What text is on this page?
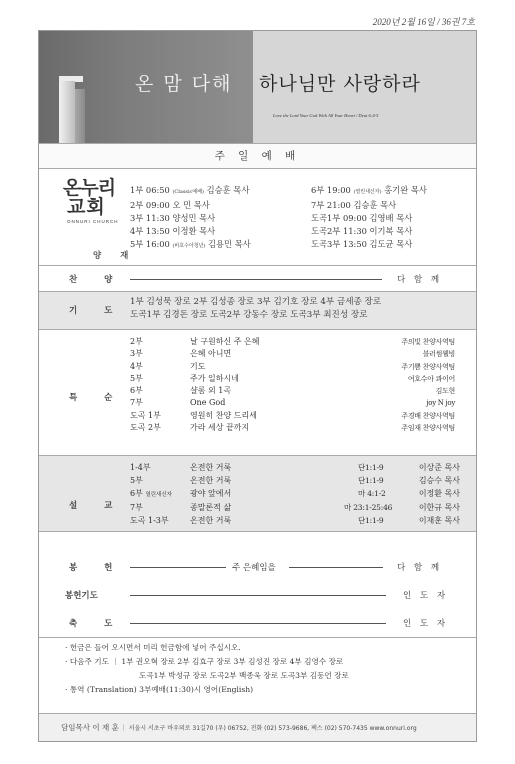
2020년 2월 16일 / 36권 7호
온 맘 다해 하나님만 사랑하라
Love the Lord Your God With All Your Heart / Deut 6:4-5
주 일 예 배
온누리
교회
ONNURI CHURCH
양 재
1부 06:50 (Classic예배) 김승훈 목사
2부 09:00 오 민 목사
3부 11:30 양성민 목사
4부 13:50 이정환 목사
5부 16:00 (비호수아청년) 김용민 목사
6부 19:00 (열린새신자) 홍기완 목사
7부 21:00 김승훈 목사
도곡1부 09:00 김영배 목사
도곡2부 11:30 이기복 목사
도곡3부 13:50 김도균 목사
찬 양	다 함 께
기 도
1부 김성묵 장로 2부 김성종 장로 3부 김기호 장로 4부 금세종 장로
도곡1부 김경돈 장로 도곡2부 강동수 장로 도곡3부 최진성 장로
특 순
2부	날 구원하신 주 은혜	주의빛 찬양사역팀
3부	은혜 아니면	블러썸웰빙
4부	기도	주기쁨 찬양사역팀
5부	주가 일하시네	여호수아 콰이어
6부	샬롬 외 1곡	김도현
7부	One God	joy N joy
도곡 1부	영원히 찬양 드리세	주경배 찬양사역팀
도곡 2부	가라 세상 끝까지	주임재 찬양사역팀
설 교
1-4부	온전한 거룩	단1:1-9	이상준 목사
5부	온전한 거룩	단1:1-9	김승수 목사
6부 열린새신자 광야 앞에서	마 4:1-2	이정환 목사
7부	종말론적 삶	마 23:1-25:46	이한규 목사
도곡 1-3부	온전한 거룩	단1:1-9	이재훈 목사
봉 헌	주 은혜임을	다 함 께
봉헌기도	인 도 자
축 도	인 도 자
· 헌금은 들어 오시면서 미리 헌금함에 넣어 주십시오.
· 다음주 기도 ｜ 1부 권오혁 장로 2부 김효구 장로 3부 김성진 장로 4부 김영수 장로
도곡1부 박성규 장로 도곡2부 백종욱 장로 도곡3부 김동언 장로
· 통역 (Translation) 3부예배(11:30)시 영어(English)
담임목사 이 재 훈 ｜ 서울시 서초구 바우뫼로 31길70 (우) 06752, 전화 (02) 573-9686, 팩스 (02) 570-7435 www.onnuri.org
